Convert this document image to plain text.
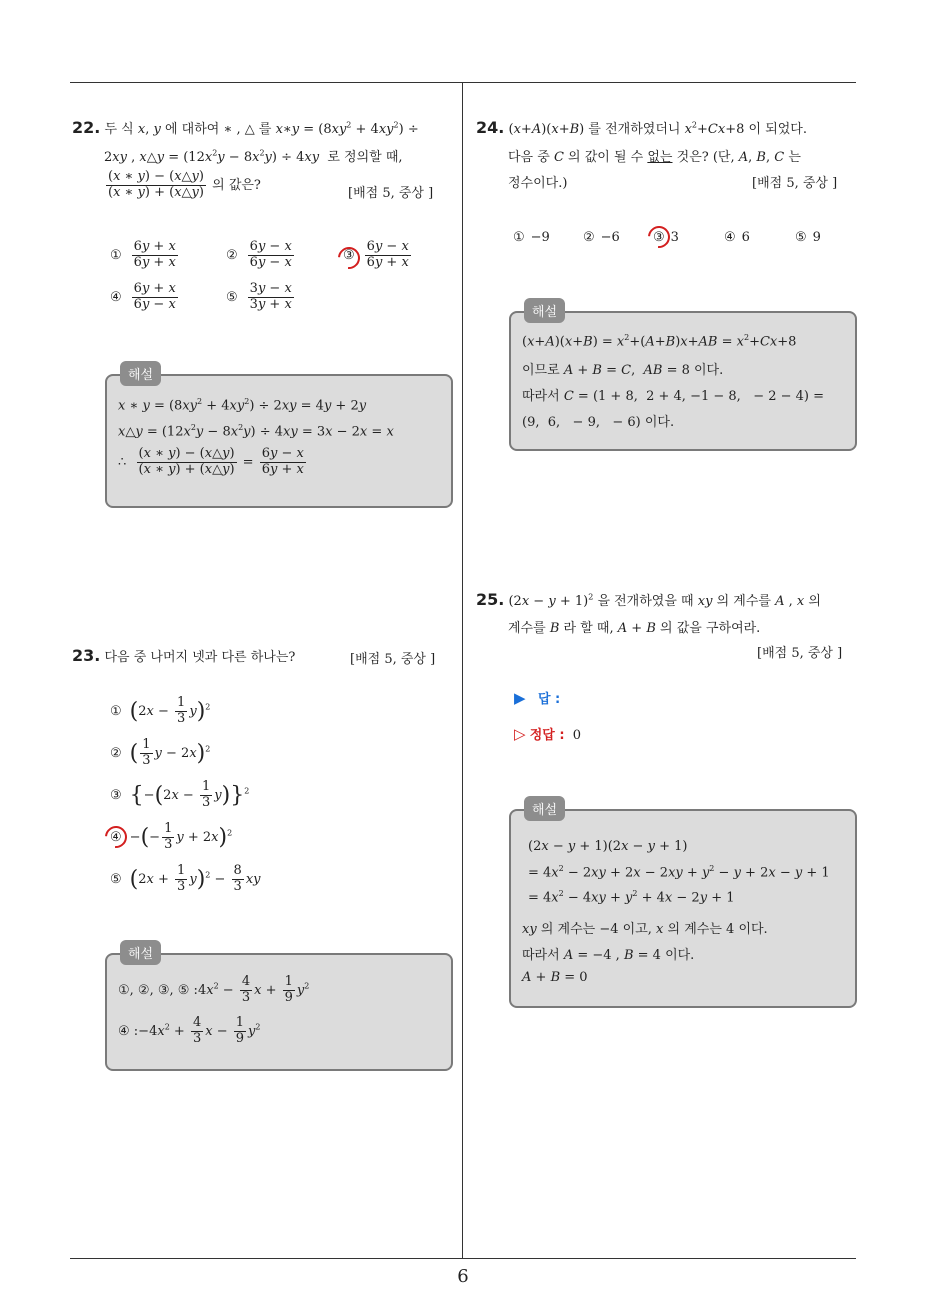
22. 두 식 x, y 에 대하여 ∗ , △ 를 x∗y = $(8xy^2 + 4xy^2)$ ÷
2xy , x△y = $(12x^2y - 8x^2y) \div 4xy$ 로 정의할 때,
$\frac{(x ∗ y) - (x\triangle y)}{(x ∗ y) + (x\triangle y)}$ 의 값은?
[배점 5, 중상 ]
① $\frac{6y + x}{6y + x}$	② $\frac{6y - x}{6y - x}$	③ $\frac{6y - x}{6y + x}$
④ $\frac{6y + x}{6y - x}$	⑤ $\frac{3y - x}{3y + x}$
해설
x ∗ $y = (8xy^2 + 4xy^2) \div 2xy = 4y + 2y$
x△y = $(12x^2y - 8x^2y) \div 4xy = 3x - 2x = x$
∴ $\frac{(x ∗ y) - (x\triangle y)}{(x ∗ y) + (x\triangle y)} = \frac{6y - x}{6y + x}$
23. 다음 중 나머지 넷과 다른 하나는?	[배점 5, 중상 ]
① $(2x - \frac{1}{3} y)^2$
② ( $\frac{1}{3}$ y − 2x)$^2$
③ $\{-(2x - \frac{1}{3} y)\}^2$
④ −(− $\frac{1}{3}$ y + 2x)$^2$
⑤ $(2x + \frac{1}{3} y)^2 - \frac{8}{3}$ xy
해설
①, ②, ③, ⑤ $:4x^2 - \frac{4}{3}$ $x + \frac{1}{9} y^2$
④ $:-4x^2 + \frac{4}{3}$ $x - \frac{1}{9} y^2$
24. (x+A)(x+B) 를 전개하였더니 $x^2+Cx+8$ 이 되었다.
다음 중 C 의 값이 될 수 없는 것은? (단, A, B, C 는
정수이다.)	[배점 5, 중상 ]
① −9	② −6	③ 3	④ 6	⑤ 9
해설
$(x+A)(x+B) = x^2+(A+B)x+AB = x^2+Cx+8$
이므로 A + B = C,  AB = 8 이다.
따라서 C = (1 + 8,  2 + 4, −1 − 8,   − 2 − 4) =
(9,  6,   − 9,   − 6) 이다.
25. $(2x - y + 1)^2$ 을 전개하였을 때 xy 의 계수를 A , x 의
계수를 B 라 할 때, A + B 의 값을 구하여라.
[배점 5, 중상 ]
▶ 답 :
▷ 정답 : 0
해설
(2x − y + 1)(2x − y + 1)
= $4x^2 - 2xy + 2x - 2xy + y^2 - y + 2x - y + 1$
= $4x^2 - 4xy + y^2 + 4x - 2y + 1$
xy 의 계수는 −4 이고, x 의 계수는 4 이다.
따라서 A = −4 , B = 4 이다.
A + B = 0
6
